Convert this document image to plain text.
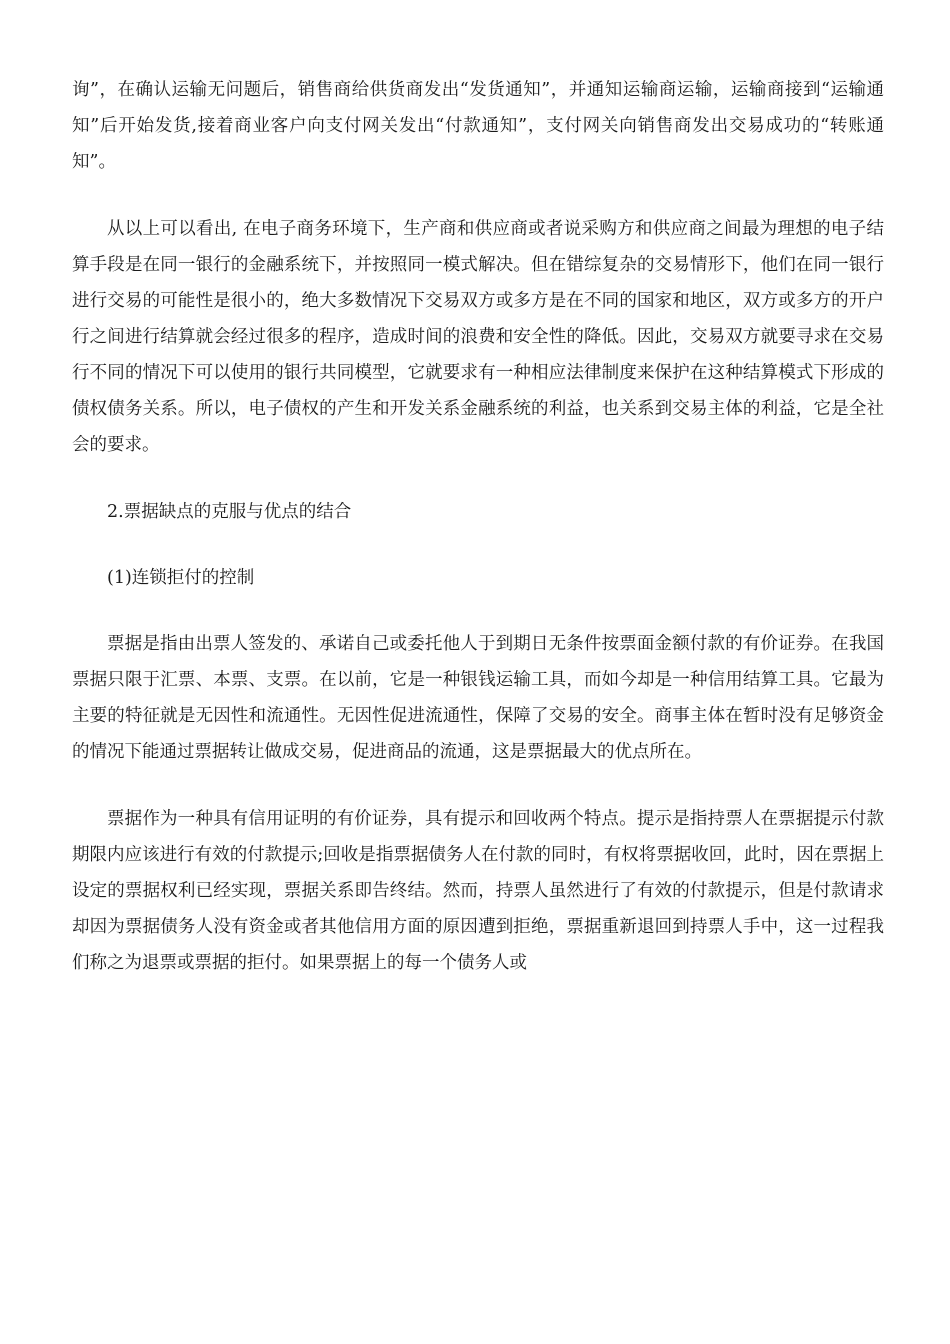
询”，在确认运输无问题后，销售商给供货商发出“发货通知”，并通知运输商运输，运输商接到“运输通知”后开始发货,接着商业客户向支付网关发出“付款通知”，支付网关向销售商发出交易成功的“转账通知”。

从以上可以看出, 在电子商务环境下，生产商和供应商或者说采购方和供应商之间最为理想的电子结算手段是在同一银行的金融系统下，并按照同一模式解决。但在错综复杂的交易情形下，他们在同一银行进行交易的可能性是很小的，绝大多数情况下交易双方或多方是在不同的国家和地区，双方或多方的开户行之间进行结算就会经过很多的程序，造成时间的浪费和安全性的降低。因此，交易双方就要寻求在交易行不同的情况下可以使用的银行共同模型，它就要求有一种相应法律制度来保护在这种结算模式下形成的债权债务关系。所以，电子债权的产生和开发关系金融系统的利益，也关系到交易主体的利益，它是全社会的要求。

2.票据缺点的克服与优点的结合

(1)连锁拒付的控制

票据是指由出票人签发的、承诺自己或委托他人于到期日无条件按票面金额付款的有价证券。在我国票据只限于汇票、本票、支票。在以前，它是一种银钱运输工具，而如今却是一种信用结算工具。它最为主要的特征就是无因性和流通性。无因性促进流通性，保障了交易的安全。商事主体在暂时没有足够资金的情况下能通过票据转让做成交易，促进商品的流通，这是票据最大的优点所在。

票据作为一种具有信用证明的有价证券，具有提示和回收两个特点。提示是指持票人在票据提示付款期限内应该进行有效的付款提示;回收是指票据债务人在付款的同时，有权将票据收回，此时，因在票据上设定的票据权利已经实现，票据关系即告终结。然而，持票人虽然进行了有效的付款提示，但是付款请求却因为票据债务人没有资金或者其他信用方面的原因遭到拒绝，票据重新退回到持票人手中，这一过程我们称之为退票或票据的拒付。如果票据上的每一个债务人或
